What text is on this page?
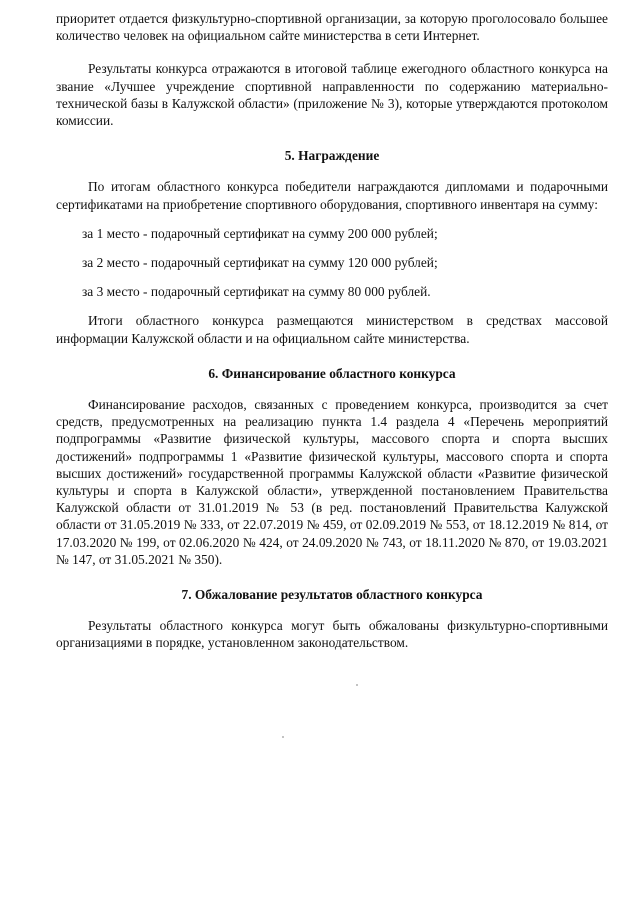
приоритет отдается физкультурно-спортивной организации, за которую проголосовало большее количество человек на официальном сайте министерства в сети Интернет.

Результаты конкурса отражаются в итоговой таблице ежегодного областного конкурса на звание «Лучшее учреждение спортивной направленности по содержанию материально-технической базы в Калужской области» (приложение № 3), которые утверждаются протоколом комиссии.

5. Награждение

По итогам областного конкурса победители награждаются дипломами и подарочными сертификатами на приобретение спортивного оборудования, спортивного инвентаря на сумму:

за 1 место - подарочный сертификат на сумму 200 000 рублей;

за 2 место - подарочный сертификат на сумму 120 000 рублей;

за 3 место - подарочный сертификат на сумму 80 000 рублей.

Итоги областного конкурса размещаются министерством в средствах массовой информации Калужской области и на официальном сайте министерства.

6. Финансирование областного конкурса

Финансирование расходов, связанных с проведением конкурса, производится за счет средств, предусмотренных на реализацию пункта 1.4 раздела 4 «Перечень мероприятий подпрограммы «Развитие физической культуры, массового спорта и спорта высших достижений» подпрограммы 1 «Развитие физической культуры, массового спорта и спорта высших достижений» государственной программы Калужской области «Развитие физической культуры и спорта в Калужской области», утвержденной постановлением Правительства Калужской области от 31.01.2019 № 53 (в ред. постановлений Правительства Калужской области от 31.05.2019 № 333, от 22.07.2019 № 459, от 02.09.2019 № 553, от 18.12.2019 № 814, от 17.03.2020 № 199, от 02.06.2020 № 424, от 24.09.2020 № 743, от 18.11.2020 № 870, от 19.03.2021 № 147, от 31.05.2021 № 350).

7. Обжалование результатов областного конкурса

Результаты областного конкурса могут быть обжалованы физкультурно-спортивными организациями в порядке, установленном законодательством.
